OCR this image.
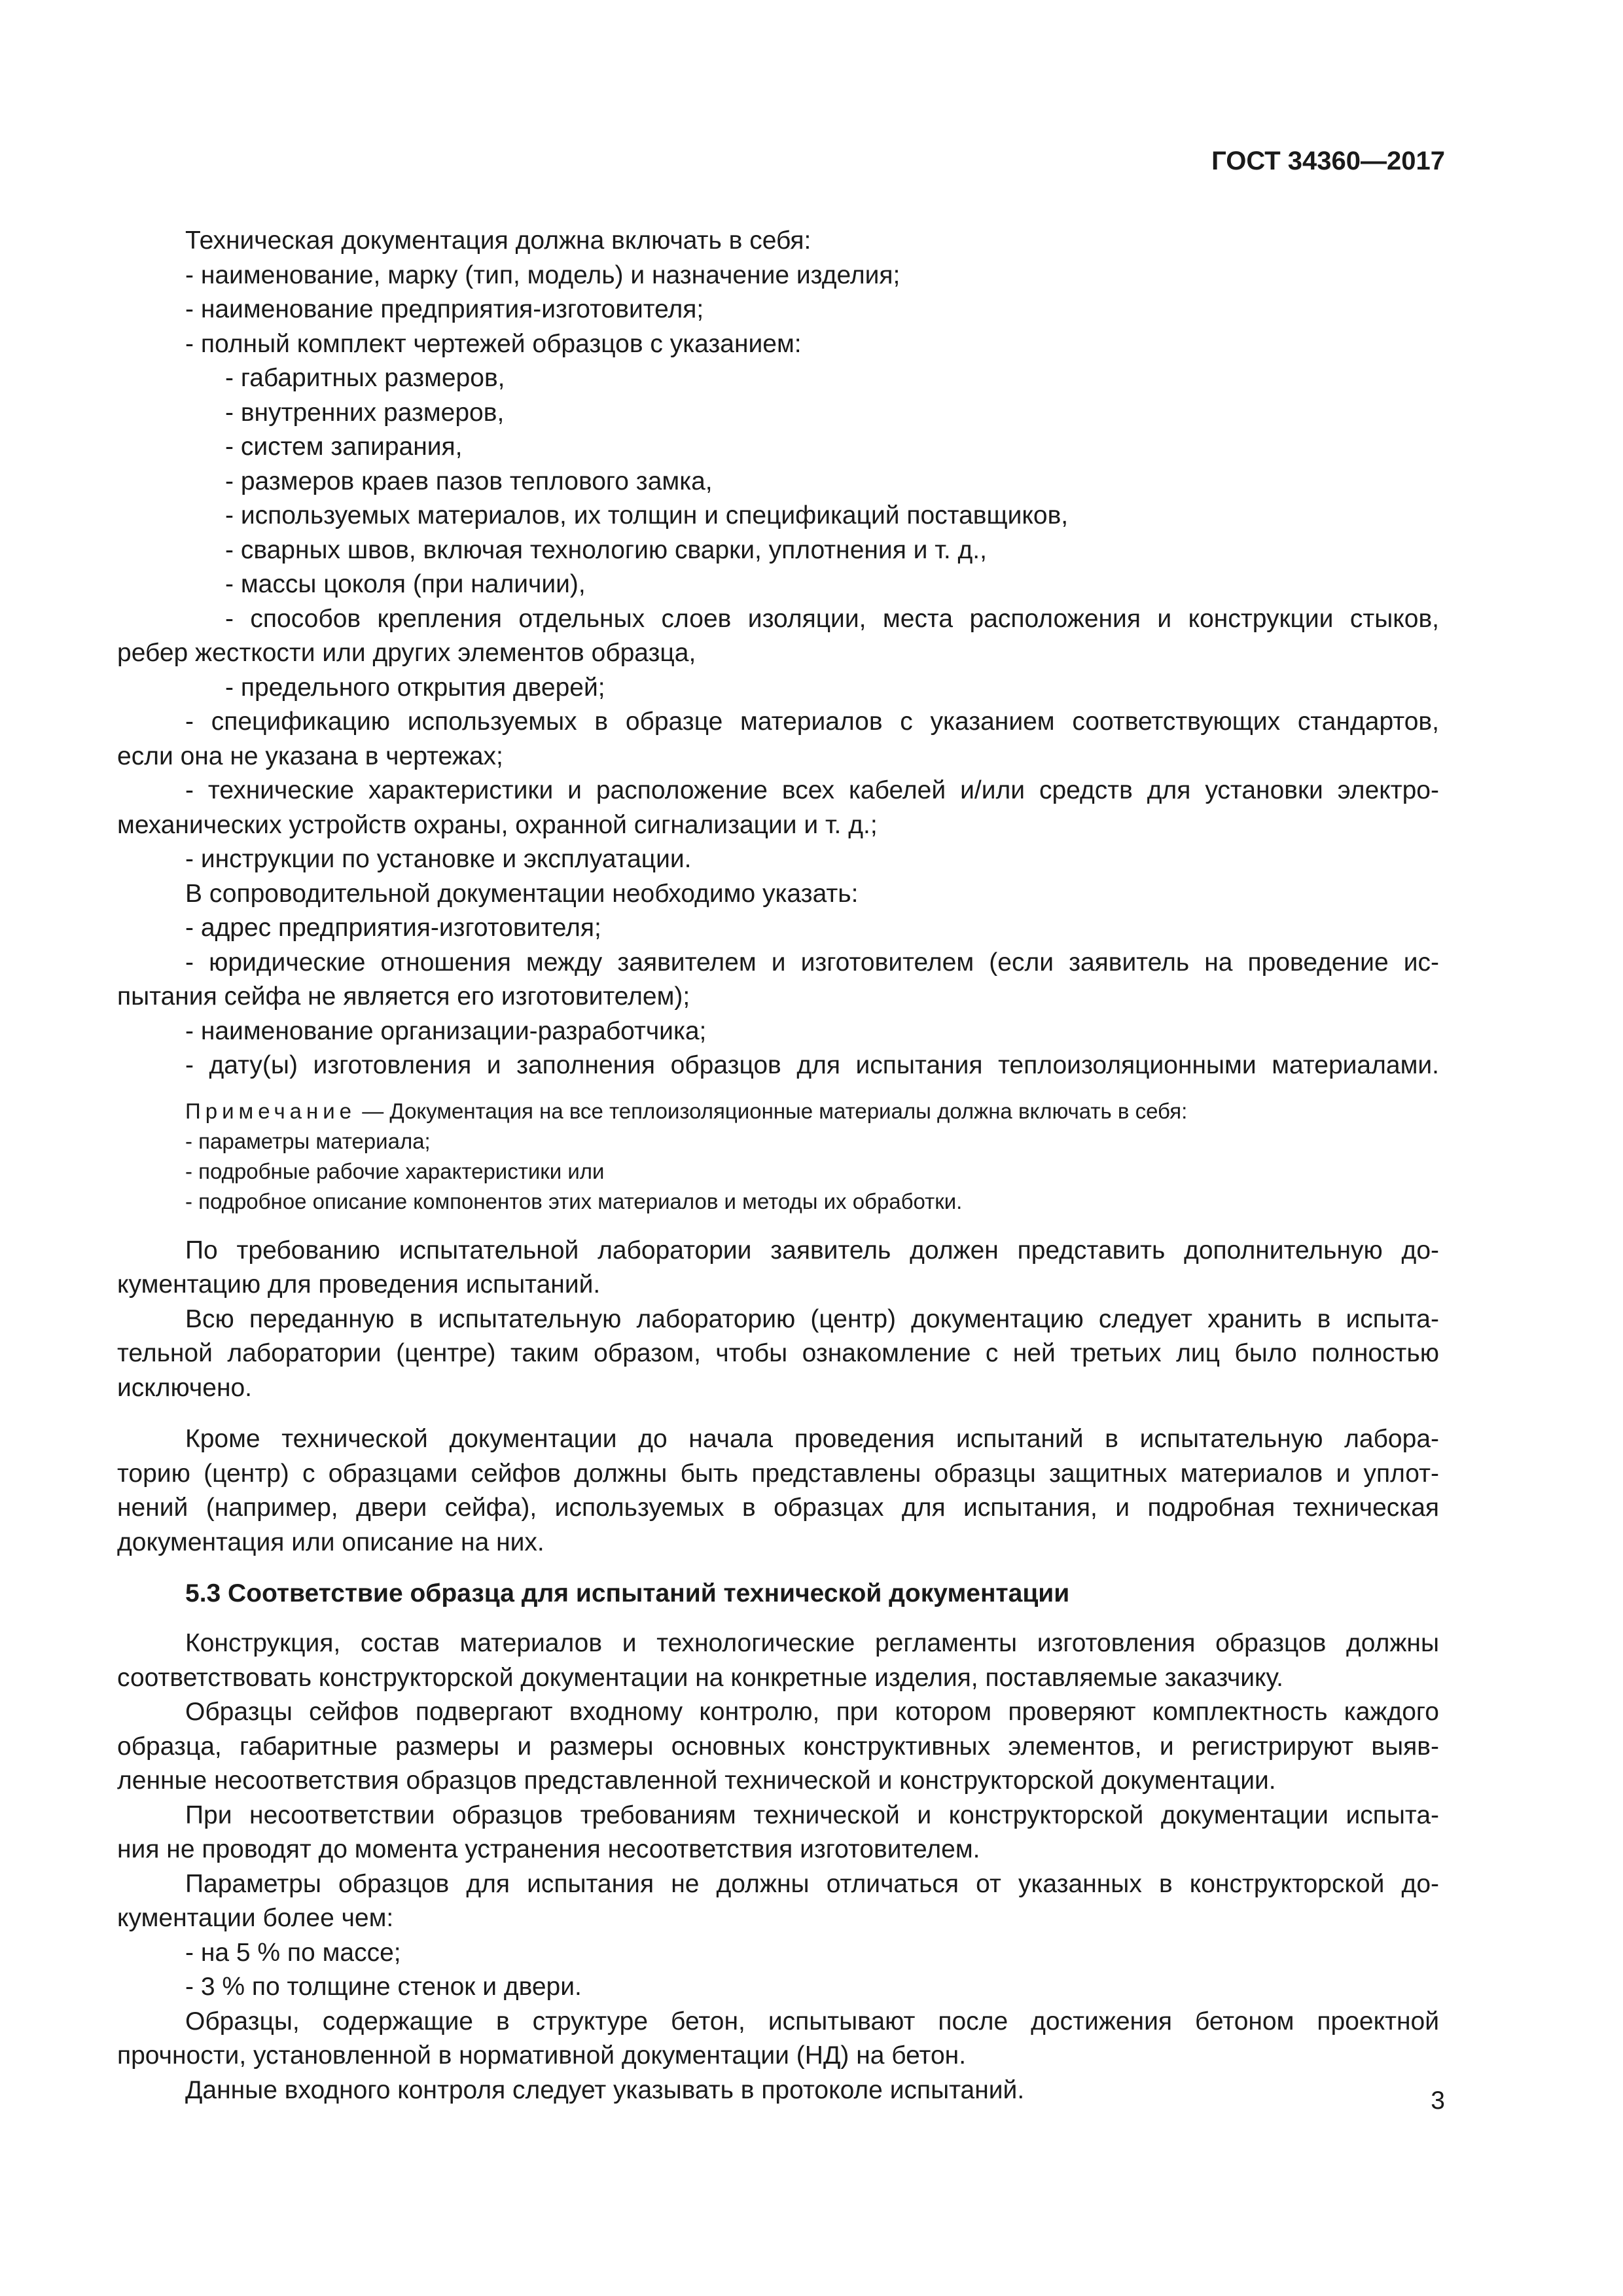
ГОСТ 34360—2017
Техническая документация должна включать в себя:
- наименование, марку (тип, модель) и назначение изделия;
- наименование предприятия-изготовителя;
- полный комплект чертежей образцов с указанием:
- габаритных размеров,
- внутренних размеров,
- систем запирания,
- размеров краев пазов теплового замка,
- используемых материалов, их толщин и спецификаций поставщиков,
- сварных швов, включая технологию сварки, уплотнения и т. д.,
- массы цоколя (при наличии),
- способов крепления отдельных слоев изоляции, места расположения и конструкции стыков,
ребер жесткости или других элементов образца,
- предельного открытия дверей;
- спецификацию используемых в образце материалов с указанием соответствующих стандартов,
если она не указана в чертежах;
- технические характеристики и расположение всех кабелей и/или средств для установки электро-
механических устройств охраны, охранной сигнализации и т. д.;
- инструкции по установке и эксплуатации.
В сопроводительной документации необходимо указать:
- адрес предприятия-изготовителя;
- юридические отношения между заявителем и изготовителем (если заявитель на проведение ис-
пытания сейфа не является его изготовителем);
- наименование организации-разработчика;
- дату(ы) изготовления и заполнения образцов для испытания теплоизоляционными материалами.
Примечание — Документация на все теплоизоляционные материалы должна включать в себя:
- параметры материала;
- подробные рабочие характеристики или
- подробное описание компонентов этих материалов и методы их обработки.
По требованию испытательной лаборатории заявитель должен представить дополнительную до-
кументацию для проведения испытаний.
Всю переданную в испытательную лабораторию (центр) документацию следует хранить в испыта-
тельной лаборатории (центре) таким образом, чтобы ознакомление с ней третьих лиц было полностью
исключено.
Кроме технической документации до начала проведения испытаний в испытательную лабора-
торию (центр) с образцами сейфов должны быть представлены образцы защитных материалов и уплот-
нений (например, двери сейфа), используемых в образцах для испытания, и подробная техническая
документация или описание на них.
5.3 Соответствие образца для испытаний технической документации
Конструкция, состав материалов и технологические регламенты изготовления образцов должны
соответствовать конструкторской документации на конкретные изделия, поставляемые заказчику.
Образцы сейфов подвергают входному контролю, при котором проверяют комплектность каждого
образца, габаритные размеры и размеры основных конструктивных элементов, и регистрируют выяв-
ленные несоответствия образцов представленной технической и конструкторской документации.
При несоответствии образцов требованиям технической и конструкторской документации испыта-
ния не проводят до момента устранения несоответствия изготовителем.
Параметры образцов для испытания не должны отличаться от указанных в конструкторской до-
кументации более чем:
- на 5 % по массе;
- 3 % по толщине стенок и двери.
Образцы, содержащие в структуре бетон, испытывают после достижения бетоном проектной
прочности, установленной в нормативной документации (НД) на бетон.
Данные входного контроля следует указывать в протоколе испытаний.	3
